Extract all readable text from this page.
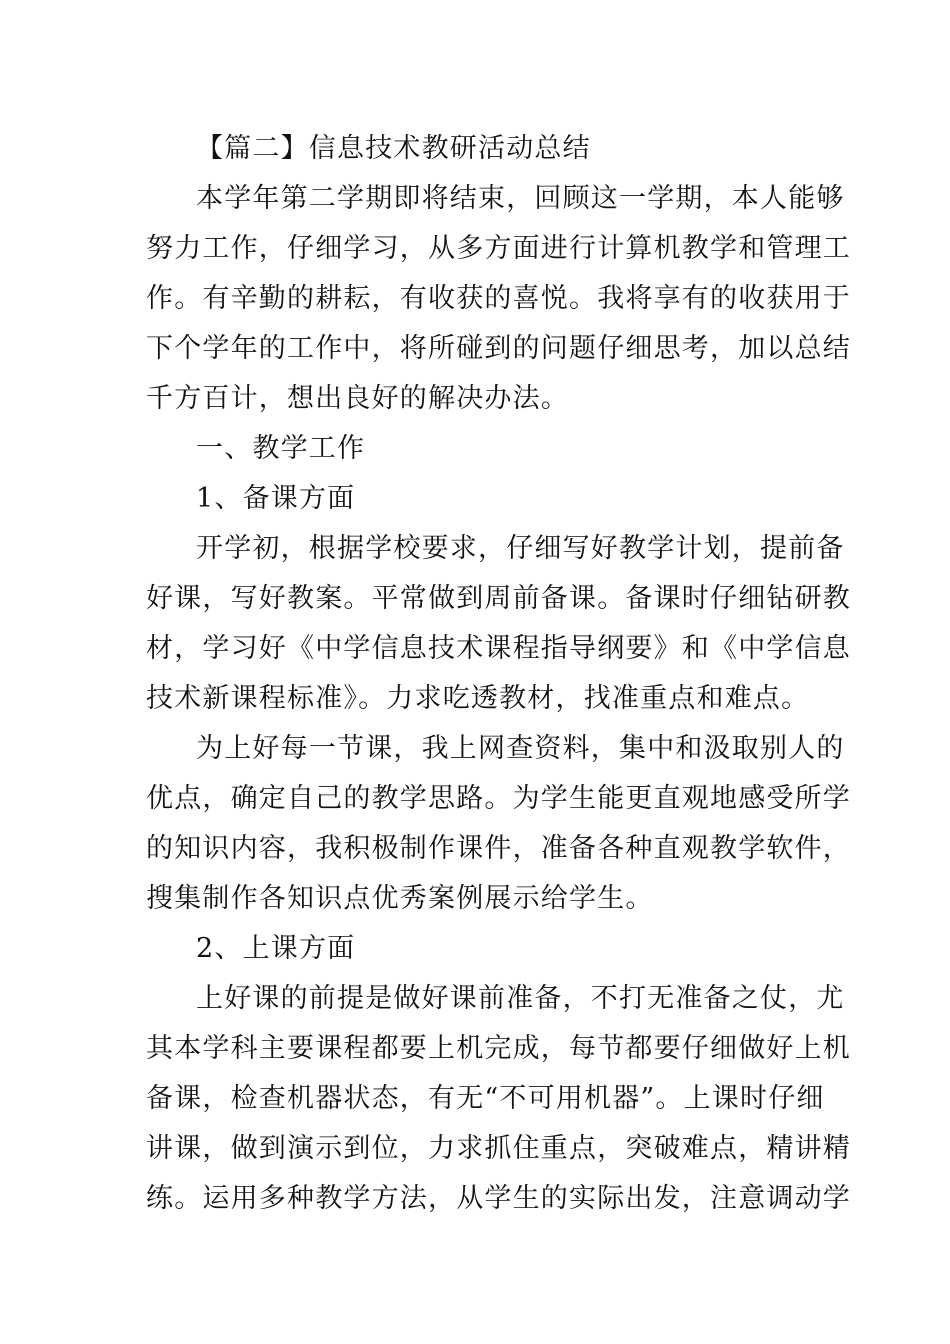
【篇二】信息技术教研活动总结
本学年第二学期即将结束，回顾这一学期，本人能够
努力工作，仔细学习，从多方面进行计算机教学和管理工
作。有辛勤的耕耘，有收获的喜悦。我将享有的收获用于
下个学年的工作中，将所碰到的问题仔细思考，加以总结
千方百计，想出良好的解决办法。
一、教学工作
1、备课方面
开学初，根据学校要求，仔细写好教学计划，提前备
好课，写好教案。平常做到周前备课。备课时仔细钻研教
材，学习好《中学信息技术课程指导纲要》和《中学信息
技术新课程标准》。力求吃透教材，找准重点和难点。
为上好每一节课，我上网查资料，集中和汲取别人的
优点，确定自己的教学思路。为学生能更直观地感受所学
的知识内容，我积极制作课件，准备各种直观教学软件，
搜集制作各知识点优秀案例展示给学生。
2、上课方面
上好课的前提是做好课前准备，不打无准备之仗，尤
其本学科主要课程都要上机完成，每节都要仔细做好上机
备课，检查机器状态，有无“不可用机器”。上课时仔细
讲课，做到演示到位，力求抓住重点，突破难点，精讲精
练。运用多种教学方法，从学生的实际出发，注意调动学
